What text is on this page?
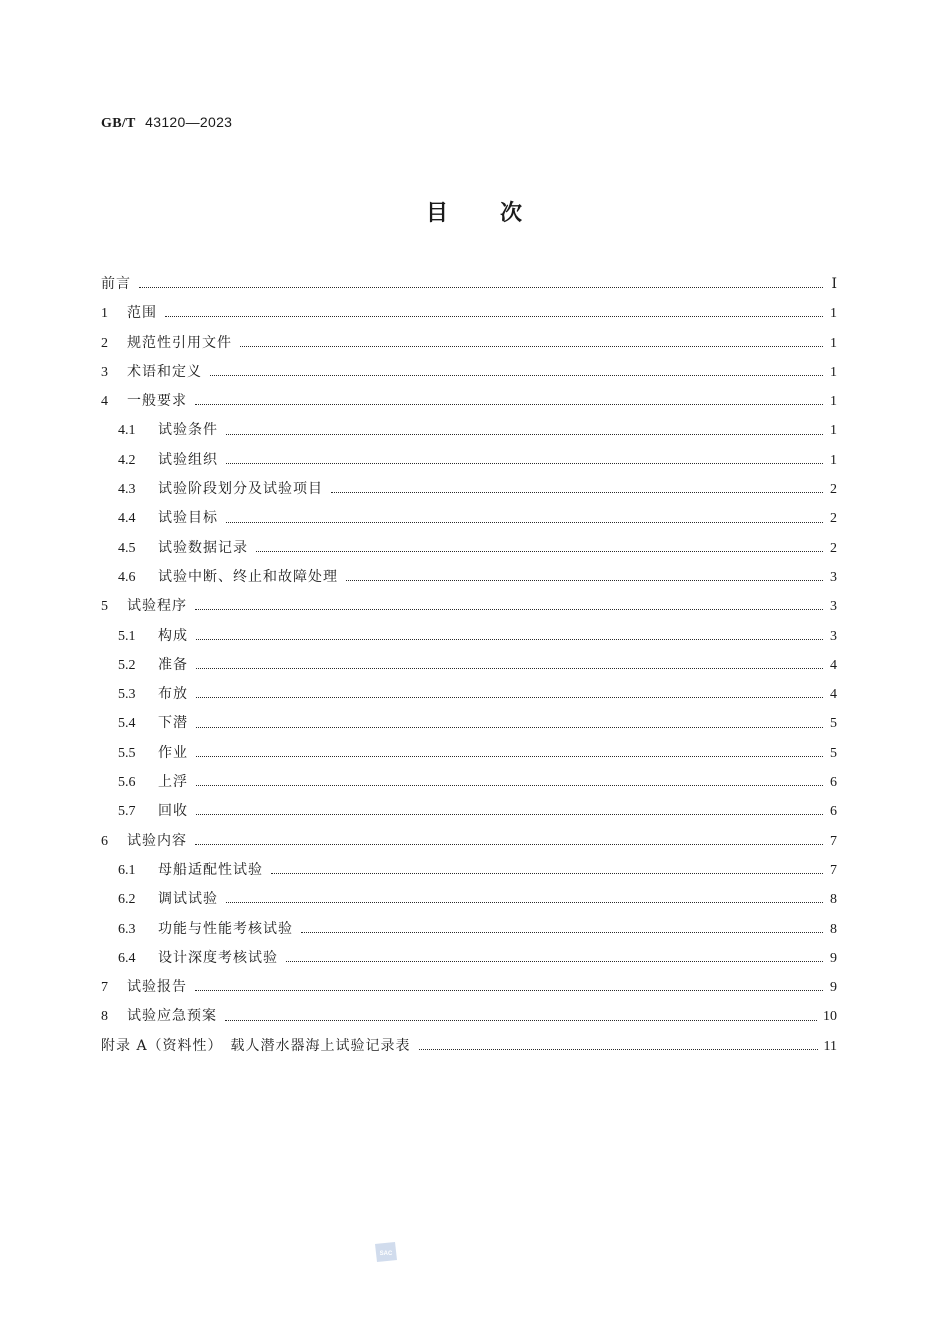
GB/T 43120—2023
目 次
前言	Ⅰ
1	范围	1
2	规范性引用文件	1
3	术语和定义	1
4	一般要求	1
4.1	试验条件	1
4.2	试验组织	1
4.3	试验阶段划分及试验项目	2
4.4	试验目标	2
4.5	试验数据记录	2
4.6	试验中断、终止和故障处理	3
5	试验程序	3
5.1	构成	3
5.2	准备	4
5.3	布放	4
5.4	下潜	5
5.5	作业	5
5.6	上浮	6
5.7	回收	6
6	试验内容	7
6.1	母船适配性试验	7
6.2	调试试验	8
6.3	功能与性能考核试验	8
6.4	设计深度考核试验	9
7	试验报告	9
8	试验应急预案	10
附录 A（资料性）　载人潜水器海上试验记录表	11
SAC
